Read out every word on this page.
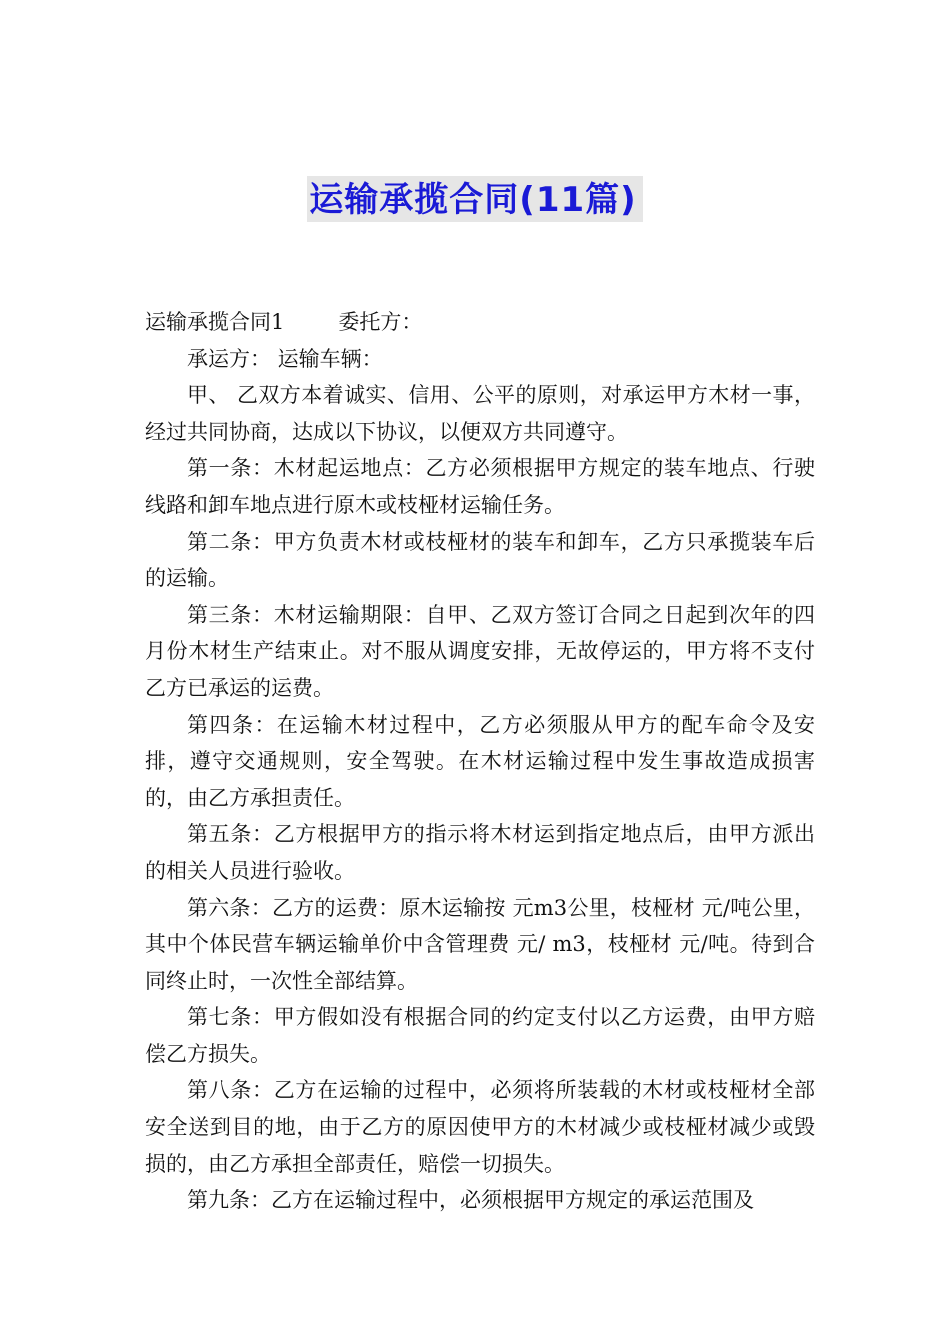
运输承揽合同(11篇)

运输承揽合同1	委托方：

承运方： 运输车辆：

甲、 乙双方本着诚实、信用、公平的原则，对承运甲方木材一事，经过共同协商，达成以下协议，以便双方共同遵守。

第一条：木材起运地点：乙方必须根据甲方规定的装车地点、行驶线路和卸车地点进行原木或枝桠材运输任务。

第二条：甲方负责木材或枝桠材的装车和卸车，乙方只承揽装车后的运输。

第三条：木材运输期限：自甲、乙双方签订合同之日起到次年的四月份木材生产结束止。对不服从调度安排，无故停运的，甲方将不支付乙方已承运的运费。

第四条：在运输木材过程中，乙方必须服从甲方的配车命令及安排，遵守交通规则，安全驾驶。在木材运输过程中发生事故造成损害的，由乙方承担责任。

第五条：乙方根据甲方的指示将木材运到指定地点后，由甲方派出的相关人员进行验收。

第六条：乙方的运费：原木运输按 元m3公里，枝桠材 元/吨公里，其中个体民营车辆运输单价中含管理费 元/ m3，枝桠材 元/吨。待到合同终止时，一次性全部结算。

第七条：甲方假如没有根据合同的约定支付以乙方运费，由甲方赔偿乙方损失。

第八条：乙方在运输的过程中，必须将所装载的木材或枝桠材全部安全送到目的地，由于乙方的原因使甲方的木材减少或枝桠材减少或毁损的，由乙方承担全部责任，赔偿一切损失。

第九条：乙方在运输过程中，必须根据甲方规定的承运范围及
